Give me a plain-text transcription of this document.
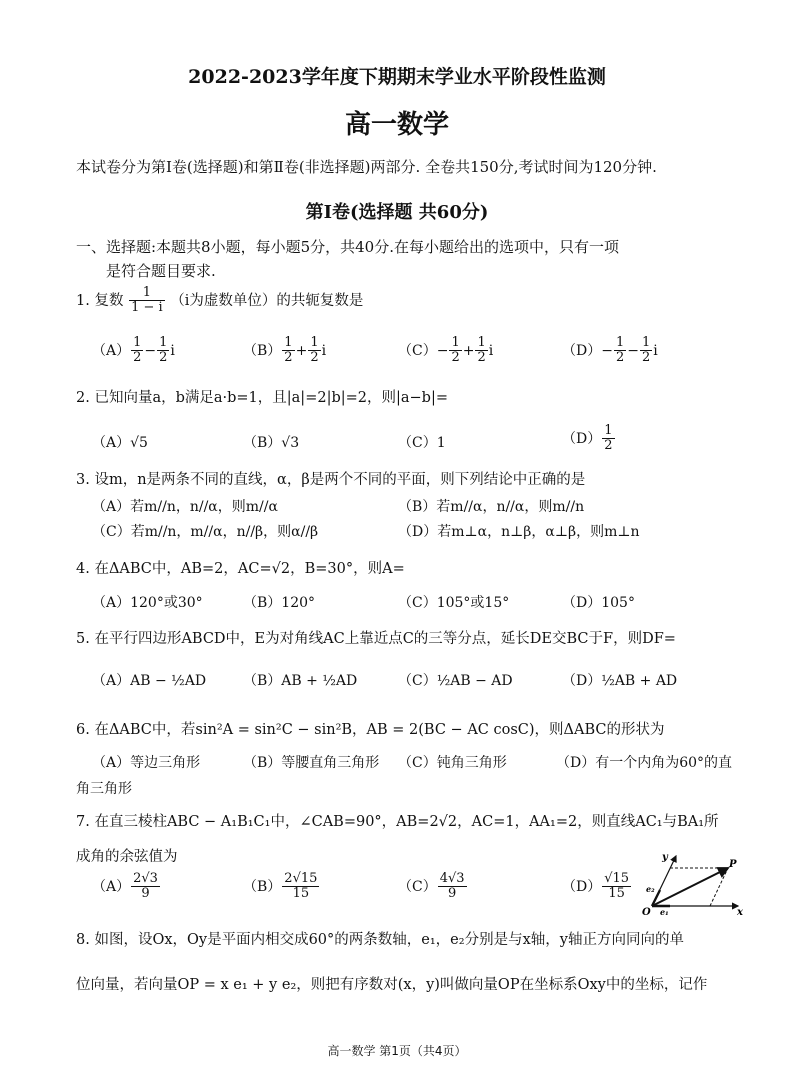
2022-2023学年度下期期末学业水平阶段性监测
高一数学
本试卷分为第Ⅰ卷(选择题)和第Ⅱ卷(非选择题)两部分. 全卷共150分,考试时间为120分钟.
第Ⅰ卷(选择题 共60分)
一、选择题:本题共8小题，每小题5分，共40分.在每小题给出的选项中，只有一项
是符合题目要求.
1. 复数 $\frac{1}{1 - i} (i$为虚数单位）的共轭复数是
$(A) \frac{1}{2} - \frac{1}{2}$ i	$(B) \frac{1}{2} + \frac{1}{2}$ i	$(C)- \frac{1}{2} + \frac{1}{2}$ i	$(D)- \frac{1}{2} - \frac{1}{2}$ i
2. 已知向量a，b满足a·b=1，且|a|=2|b|=2，则|a−b|=
（A）√5	（B）√3	（C）1	$(D) \frac{1}{2}$
3. 设m，n是两条不同的直线，α，β是两个不同的平面，则下列结论中正确的是
（A）若m//n，n//α，则m//α	（B）若m//α，n//α，则m//n
（C）若m//n，m//α，n//β，则α//β	（D）若m⊥α，n⊥β，α⊥β，则m⊥n
4. 在ΔABC中，AB=2，AC=√2，B=30°，则A=
（A）120°或30°	（B）120°	（C）105°或15°	（D）105°
5. 在平行四边形ABCD中，E为对角线AC上靠近点C的三等分点，延长DE交BC于F，则DF=
（A）AB − ½AD	（B）AB + ½AD	（C）½AB − AD	（D）½AB + AD
6. 在ΔABC中，若sin²A = sin²C − sin²B，AB = 2(BC − AC cosC)，则ΔABC的形状为
（A）等边三角形	（B）等腰直角三角形 （C）钝角三角形	（D）有一个内角为60°的直
角三角形
7. 在直三棱柱ABC − A₁B₁C₁中，∠CAB=90°，AB=2√2，AC=1，AA₁=2，则直线AC₁与BA₁所
成角的余弦值为
$(A) \frac{2√3}{9}$	$(B) \frac{2√15}{15}$	$(C) \frac{4√3}{9}$	$(D) \frac{√15}{15}$
y
x
O
P
e₁
e₂
8. 如图，设Ox，Oy是平面内相交成60°的两条数轴，e₁，e₂分别是与x轴，y轴正方向同向的单
位向量，若向量OP = x e₁ + y e₂，则把有序数对(x，y)叫做向量OP在坐标系Oxy中的坐标，记作
高一数学 第1页（共4页）
